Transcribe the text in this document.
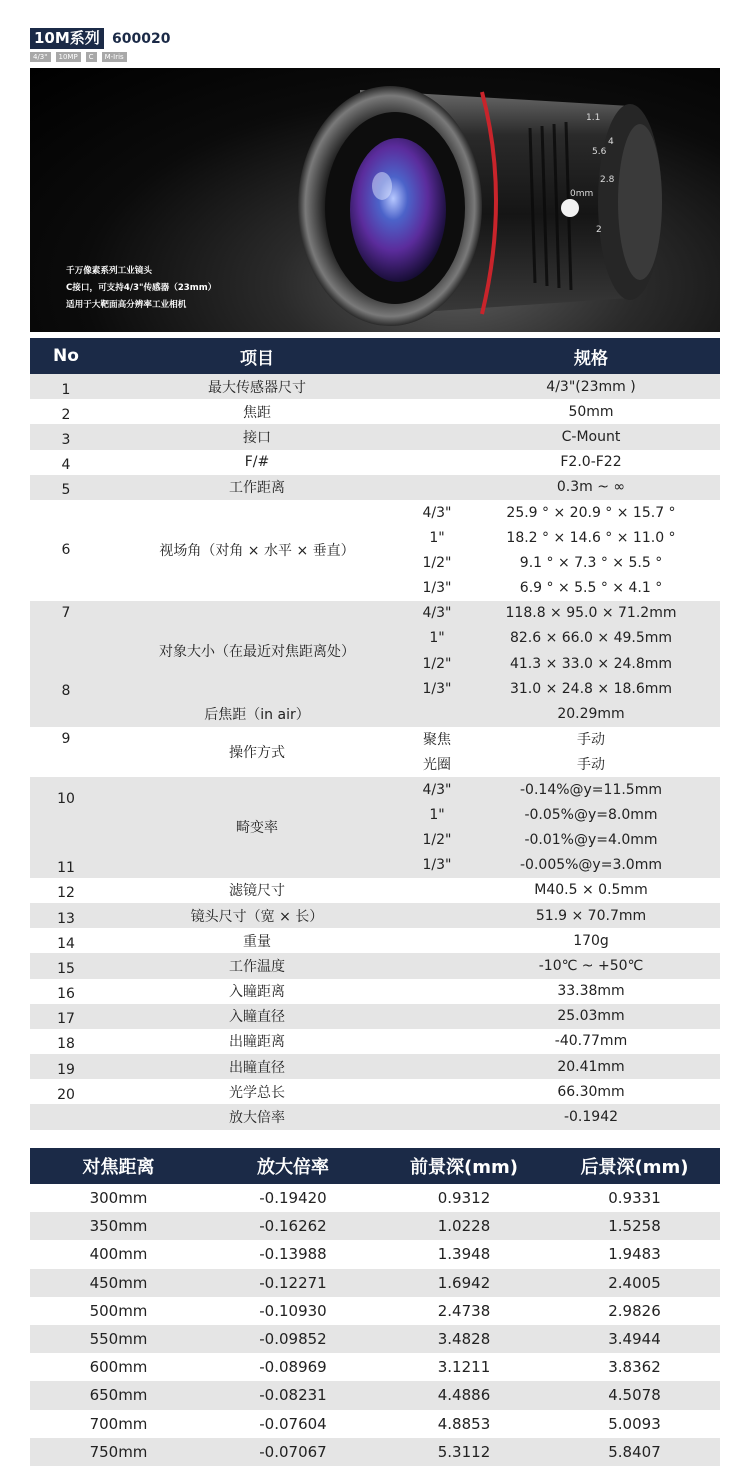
10M系列 600020
4/3"	10MP	C	M-Iris
1.1
5.6
4
2.8
2
0mm
千万像素系列工业镜头
C接口，可支持4/3"传感器（23mm）
适用于大靶面高分辨率工业相机
No	项目		规格
1	最大传感器尺寸		4/3"(23mm )
2	焦距		50mm
3	接口		C-Mount
4	F/#		F2.0-F22
5	工作距离		0.3m ~ ∞
6	视场角（对角 × 水平 × 垂直）	4/3"	25.9 ° × 20.9 ° × 15.7 °
		1"	18.2 ° × 14.6 ° × 11.0 °
		1/2"	9.1 ° × 7.3 ° × 5.5 °
		1/3"	6.9 ° × 5.5 ° × 4.1 °
7	对象大小（在最近对焦距离处）	4/3"	118.8 × 95.0 × 71.2mm
		1"	82.6 × 66.0 × 49.5mm
8		1/2"	41.3 × 33.0 × 24.8mm
		1/3"	31.0 × 24.8 × 18.6mm
	后焦距（in air）		20.29mm
9	操作方式	聚焦	手动
		光圈	手动
10	畸变率	4/3"	-0.14%@y=11.5mm
		1"	-0.05%@y=8.0mm
11		1/2"	-0.01%@y=4.0mm
		1/3"	-0.005%@y=3.0mm
12	滤镜尺寸		M40.5 × 0.5mm
13	镜头尺寸（宽 × 长）		51.9 × 70.7mm
14	重量		170g
15	工作温度		-10℃ ~ +50℃
16	入瞳距离		33.38mm
17	入瞳直径		25.03mm
18	出瞳距离		-40.77mm
19	出瞳直径		20.41mm
20	光学总长		66.30mm
	放大倍率		-0.1942
对焦距离	放大倍率	前景深(mm)	后景深(mm)
300mm	-0.19420	0.9312	0.9331
350mm	-0.16262	1.0228	1.5258
400mm	-0.13988	1.3948	1.9483
450mm	-0.12271	1.6942	2.4005
500mm	-0.10930	2.4738	2.9826
550mm	-0.09852	3.4828	3.4944
600mm	-0.08969	3.1211	3.8362
650mm	-0.08231	4.4886	4.5078
700mm	-0.07604	4.8853	5.0093
750mm	-0.07067	5.3112	5.8407
